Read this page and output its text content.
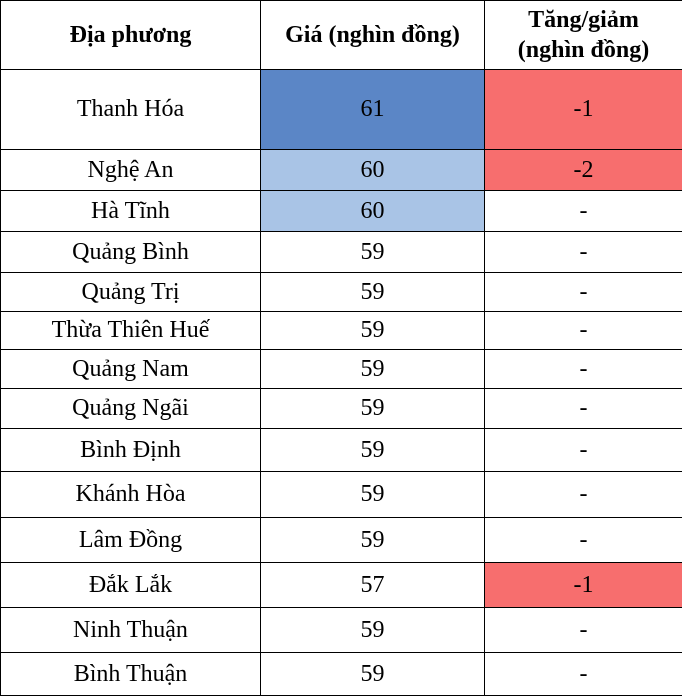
Địa phương	Giá (nghìn đồng)	Tăng/giảm
(nghìn đồng)

Thanh Hóa	61	-1
Nghệ An	60	-2
Hà Tĩnh	60	-
Quảng Bình	59	-
Quảng Trị	59	-
Thừa Thiên Huế	59	-
Quảng Nam	59	-
Quảng Ngãi	59	-
Bình Định	59	-
Khánh Hòa	59	-
Lâm Đồng	59	-
Đắk Lắk	57	-1
Ninh Thuận	59	-
Bình Thuận	59	-
